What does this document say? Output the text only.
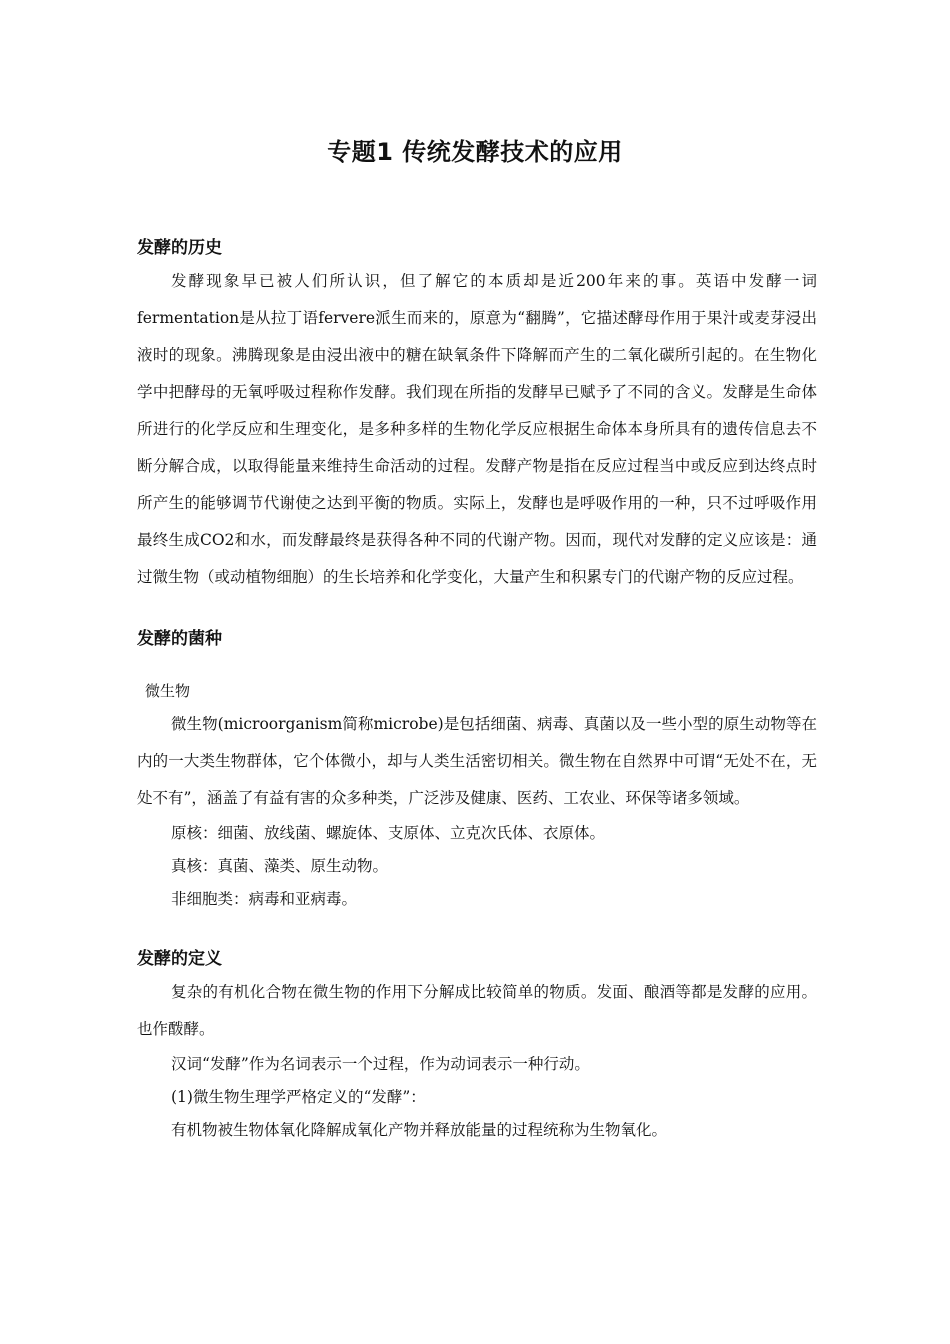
专题1 传统发酵技术的应用
发酵的历史

发酵现象早已被人们所认识，但了解它的本质却是近200年来的事。英语中发酵一词fermentation是从拉丁语fervere派生而来的，原意为“翻腾”，它描述酵母作用于果汁或麦芽浸出液时的现象。沸腾现象是由浸出液中的糖在缺氧条件下降解而产生的二氧化碳所引起的。在生物化学中把酵母的无氧呼吸过程称作发酵。我们现在所指的发酵早已赋予了不同的含义。发酵是生命体所进行的化学反应和生理变化，是多种多样的生物化学反应根据生命体本身所具有的遗传信息去不断分解合成，以取得能量来维持生命活动的过程。发酵产物是指在反应过程当中或反应到达终点时所产生的能够调节代谢使之达到平衡的物质。实际上，发酵也是呼吸作用的一种，只不过呼吸作用最终生成CO2和水，而发酵最终是获得各种不同的代谢产物。因而，现代对发酵的定义应该是：通过微生物（或动植物细胞）的生长培养和化学变化，大量产生和积累专门的代谢产物的反应过程。

发酵的菌种

微生物

微生物(microorganism简称microbe)是包括细菌、病毒、真菌以及一些小型的原生动物等在内的一大类生物群体，它个体微小，却与人类生活密切相关。微生物在自然界中可谓“无处不在，无处不有”，涵盖了有益有害的众多种类，广泛涉及健康、医药、工农业、环保等诸多领域。

原核：细菌、放线菌、螺旋体、支原体、立克次氏体、衣原体。

真核：真菌、藻类、原生动物。

非细胞类：病毒和亚病毒。

发酵的定义

复杂的有机化合物在微生物的作用下分解成比较简单的物质。发面、酿酒等都是发酵的应用。也作酦酵。

汉词“发酵”作为名词表示一个过程，作为动词表示一种行动。

(1)微生物生理学严格定义的“发酵”：

有机物被生物体氧化降解成氧化产物并释放能量的过程统称为生物氧化。
